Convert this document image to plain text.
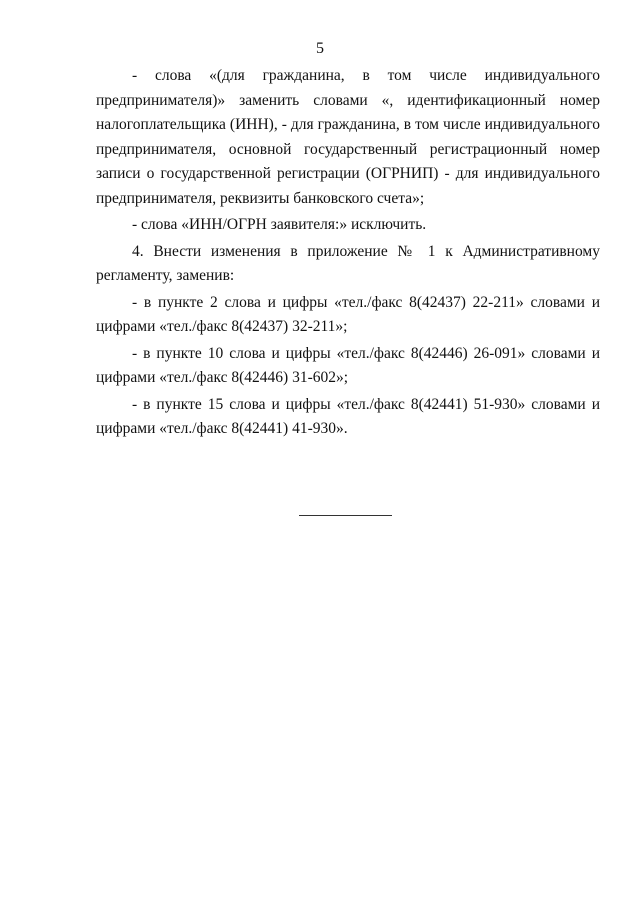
5

- слова «(для гражданина, в том числе индивидуального предпринимателя)» заменить словами «, идентификационный номер налогоплательщика (ИНН), - для гражданина, в том числе индивидуального предпринимателя, основной государственный регистрационный номер записи о государственной регистрации (ОГРНИП) - для индивидуального предпринимателя, реквизиты банковского счета»;

- слова «ИНН/ОГРН заявителя:» исключить.

4. Внести изменения в приложение № 1 к Административному регламенту, заменив:

- в пункте 2 слова и цифры «тел./факс 8(42437) 22-211» словами и цифрами «тел./факс 8(42437) 32-211»;

- в пункте 10 слова и цифры «тел./факс 8(42446) 26-091» словами и цифрами «тел./факс 8(42446) 31-602»;

- в пункте 15 слова и цифры «тел./факс 8(42441) 51-930» словами и цифрами «тел./факс 8(42441) 41-930».
